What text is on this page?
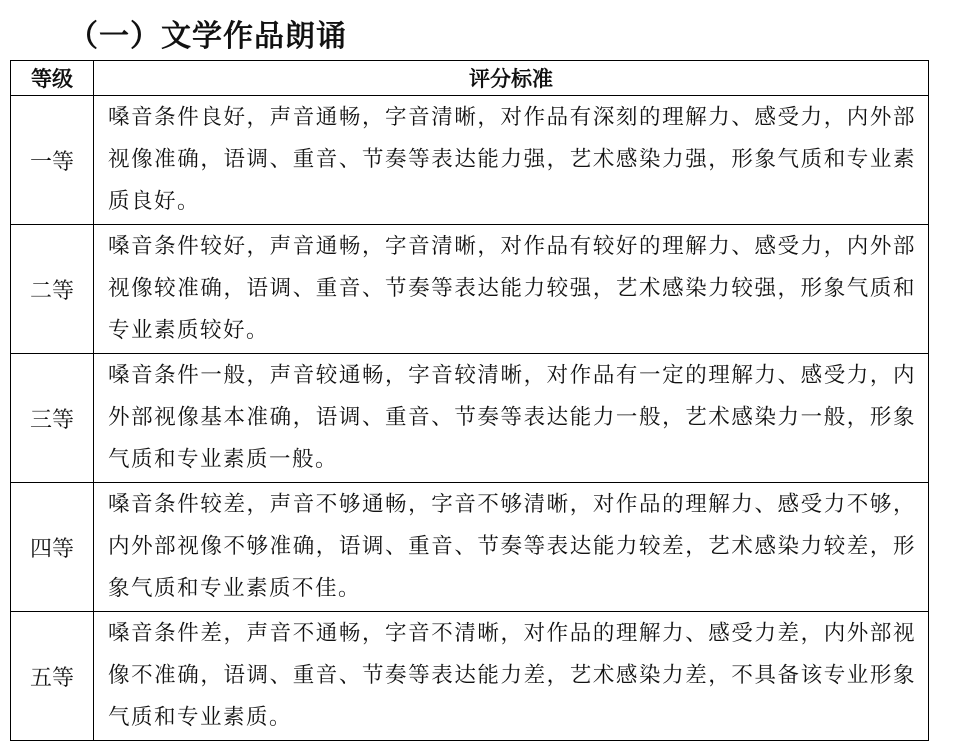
（一）文学作品朗诵
等级	评分标准
一等	嗓音条件良好，声音通畅，字音清晰，对作品有深刻的理解力、感受力，内外部视像准确，语调、重音、节奏等表达能力强，艺术感染力强，形象气质和专业素质良好。
二等	嗓音条件较好，声音通畅，字音清晰，对作品有较好的理解力、感受力，内外部视像较准确，语调、重音、节奏等表达能力较强，艺术感染力较强，形象气质和专业素质较好。
三等	嗓音条件一般，声音较通畅，字音较清晰，对作品有一定的理解力、感受力，内外部视像基本准确，语调、重音、节奏等表达能力一般，艺术感染力一般，形象气质和专业素质一般。
四等	嗓音条件较差，声音不够通畅，字音不够清晰，对作品的理解力、感受力不够，内外部视像不够准确，语调、重音、节奏等表达能力较差，艺术感染力较差，形象气质和专业素质不佳。
五等	嗓音条件差，声音不通畅，字音不清晰，对作品的理解力、感受力差，内外部视像不准确，语调、重音、节奏等表达能力差，艺术感染力差，不具备该专业形象气质和专业素质。
